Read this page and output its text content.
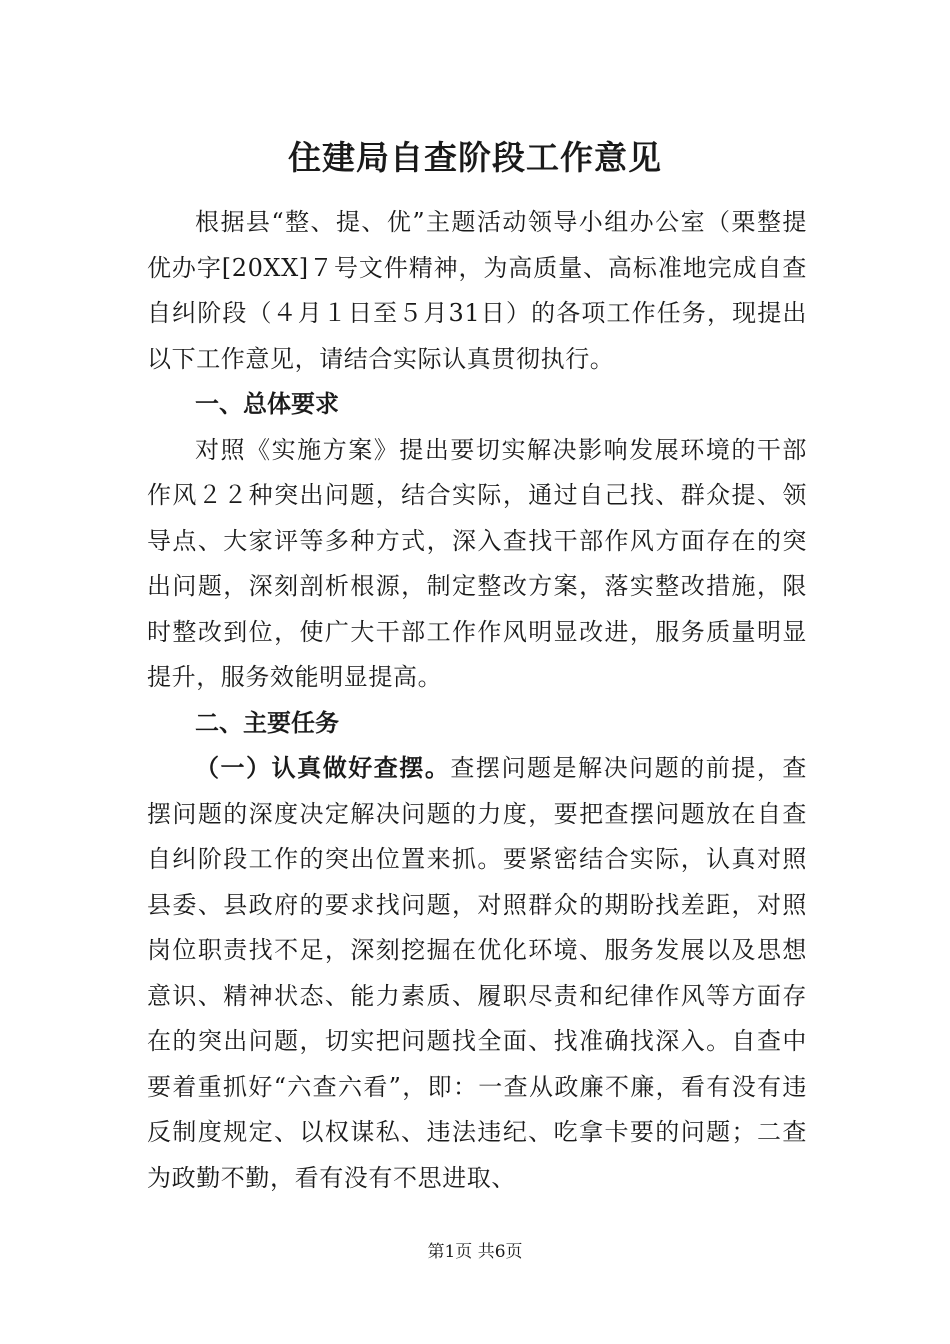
住建局自查阶段工作意见

根据县“整、提、优”主题活动领导小组办公室（栗整提优办字[20XX]７号文件精神，为高质量、高标准地完成自查自纠阶段（４月１日至５月31日）的各项工作任务，现提出以下工作意见，请结合实际认真贯彻执行。

一、总体要求

对照《实施方案》提出要切实解决影响发展环境的干部作风２２种突出问题，结合实际，通过自己找、群众提、领导点、大家评等多种方式，深入查找干部作风方面存在的突出问题，深刻剖析根源，制定整改方案，落实整改措施，限时整改到位，使广大干部工作作风明显改进，服务质量明显提升，服务效能明显提高。

二、主要任务

（一）认真做好查摆。查摆问题是解决问题的前提，查摆问题的深度决定解决问题的力度，要把查摆问题放在自查自纠阶段工作的突出位置来抓。要紧密结合实际，认真对照县委、县政府的要求找问题，对照群众的期盼找差距，对照岗位职责找不足，深刻挖掘在优化环境、服务发展以及思想意识、精神状态、能力素质、履职尽责和纪律作风等方面存在的突出问题，切实把问题找全面、找准确找深入。自查中要着重抓好“六查六看”，即：一查从政廉不廉，看有没有违反制度规定、以权谋私、违法违纪、吃拿卡要的问题；二查为政勤不勤，看有没有不思进取、

第1页 共6页
